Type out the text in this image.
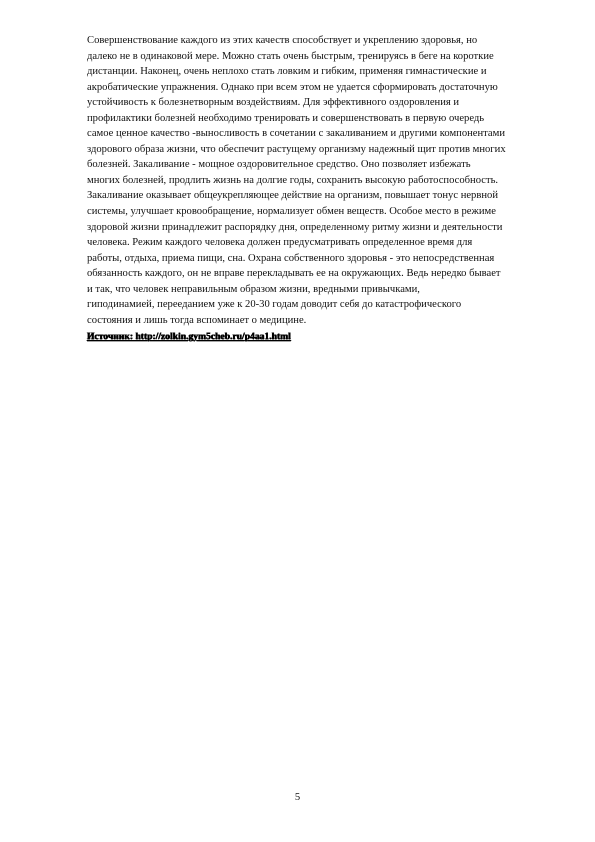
Совершенствование каждого из этих качеств способствует и укреплению здоровья, но
далеко не в одинаковой мере. Можно стать очень быстрым, тренируясь в беге на короткие
дистанции. Наконец, очень неплохо стать ловким и гибким, применяя гимнастические и
акробатические упражнения. Однако при всем этом не удается сформировать достаточную
устойчивость к болезнетворным воздействиям. Для эффективного оздоровления и
профилактики болезней необходимо тренировать и совершенствовать в первую очередь
самое ценное качество -выносливость в сочетании с закаливанием и другими компонентами
здорового образа жизни, что обеспечит растущему организму надежный щит против многих
болезней. Закаливание - мощное оздоровительное средство. Оно позволяет избежать
многих болезней, продлить жизнь на долгие годы, сохранить высокую работоспособность.
Закаливание оказывает общеукрепляющее действие на организм, повышает тонус нервной
системы, улучшает кровообращение, нормализует обмен веществ. Особое место в режиме
здоровой жизни принадлежит распорядку дня, определенному ритму жизни и деятельности
человека. Режим каждого человека должен предусматривать определенное время для
работы, отдыха, приема пищи, сна. Охрана собственного здоровья - это непосредственная
обязанность каждого, он не вправе перекладывать ее на окружающих. Ведь нередко бывает
и так, что человек неправильным образом жизни, вредными привычками,
гиподинамией, перееданием уже к 20-30 годам доводит себя до катастрофического
состояния и лишь тогда вспоминает о медицине.

Источник: http://zolkin.gym5cheb.ru/p4aa1.html

5
